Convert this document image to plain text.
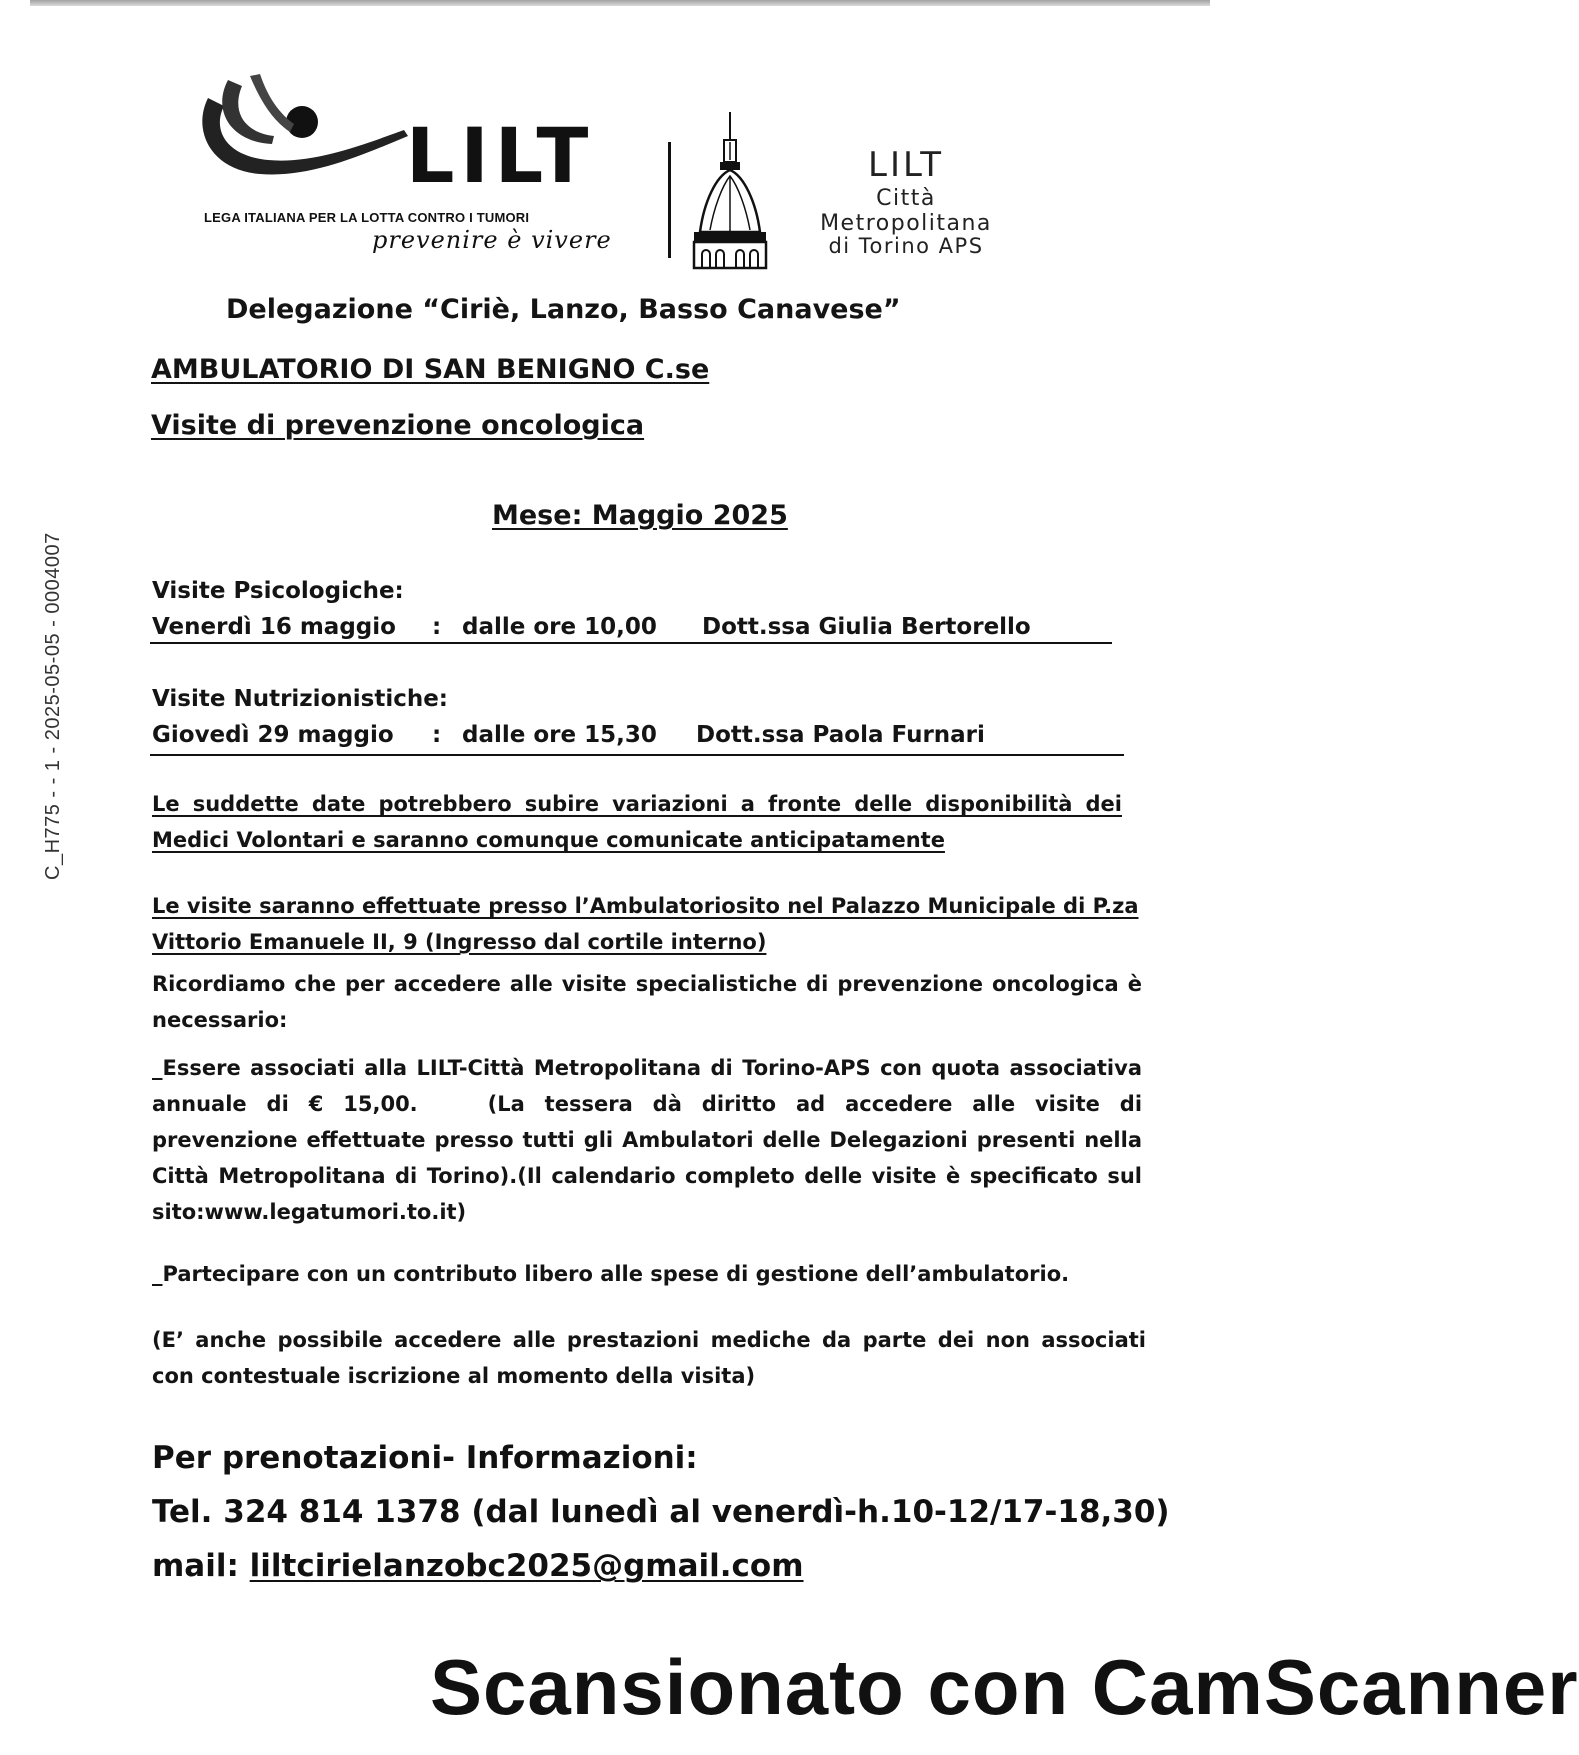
C_H775 - - 1 - 2025-05-05 - 0004007
LILT
LEGA ITALIANA PER LA LOTTA CONTRO I TUMORI
prevenire è vivere
LILT
Città Metropolitana
di Torino APS
Delegazione “Ciriè, Lanzo, Basso Canavese”
AMBULATORIO DI SAN BENIGNO C.se
Visite di prevenzione oncologica
Mese: Maggio 2025
Visite Psicologiche:
Venerdì 16 maggio : dalle ore 10,00 Dott.ssa Giulia Bertorello
Visite Nutrizionistiche:
Giovedì 29 maggio : dalle ore 15,30 Dott.ssa Paola Furnari
Le suddette date potrebbero subire variazioni a fronte delle disponibilità dei Medici Volontari e saranno comunque comunicate anticipatamente
Le visite saranno effettuate presso l’Ambulatoriosito nel Palazzo Municipale di P.za Vittorio Emanuele II, 9 (Ingresso dal cortile interno)
Ricordiamo che per accedere alle visite specialistiche di prevenzione oncologica è necessario:
_Essere associati alla LILT-Città Metropolitana di Torino-APS con quota associativa annuale di € 15,00.	(La tessera dà diritto ad accedere alle visite di prevenzione effettuate presso tutti gli Ambulatori delle Delegazioni presenti nella Città Metropolitana di Torino).(Il calendario completo delle visite è specificato sul sito:www.legatumori.to.it)
_Partecipare con un contributo libero alle spese di gestione dell’ambulatorio.
(E’ anche possibile accedere alle prestazioni mediche da parte dei non associati con contestuale iscrizione al momento della visita)
Per prenotazioni- Informazioni:
Tel. 324 814 1378 (dal lunedì al venerdì-h.10-12/17-18,30)
mail: liltcirielanzobc2025@gmail.com
Scansionato con CamScanner
